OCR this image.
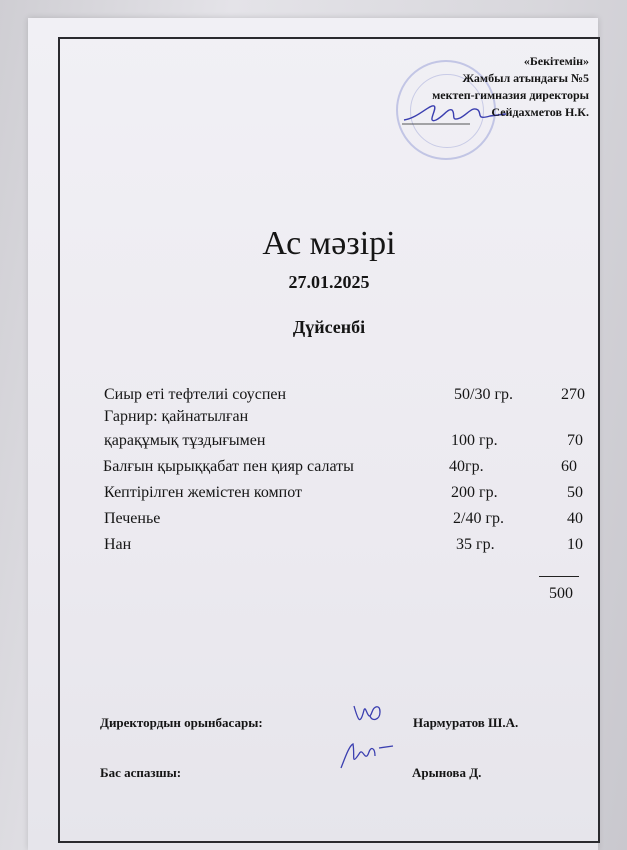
«Бекітемін»
Жамбыл атындағы №5
мектеп-гимназия директоры
Сейдахметов Н.К.
Ас мәзірі
27.01.2025
Дүйсенбі
Сиыр еті тефтелиі соуспен	50/30 гр.	270
Гарнир: қайнатылған
қарақұмық тұздығымен	100 гр.	70
Балғын қырыққабат пен қияр салаты	40гр.	60
Кептірілген жемістен компот	200 гр.	50
Печенье	2/40 гр.	40
Нан	35 гр.	10
500
Директордын орынбасары:	Нармуратов Ш.А.
Бас аспазшы:	Арынова Д.
